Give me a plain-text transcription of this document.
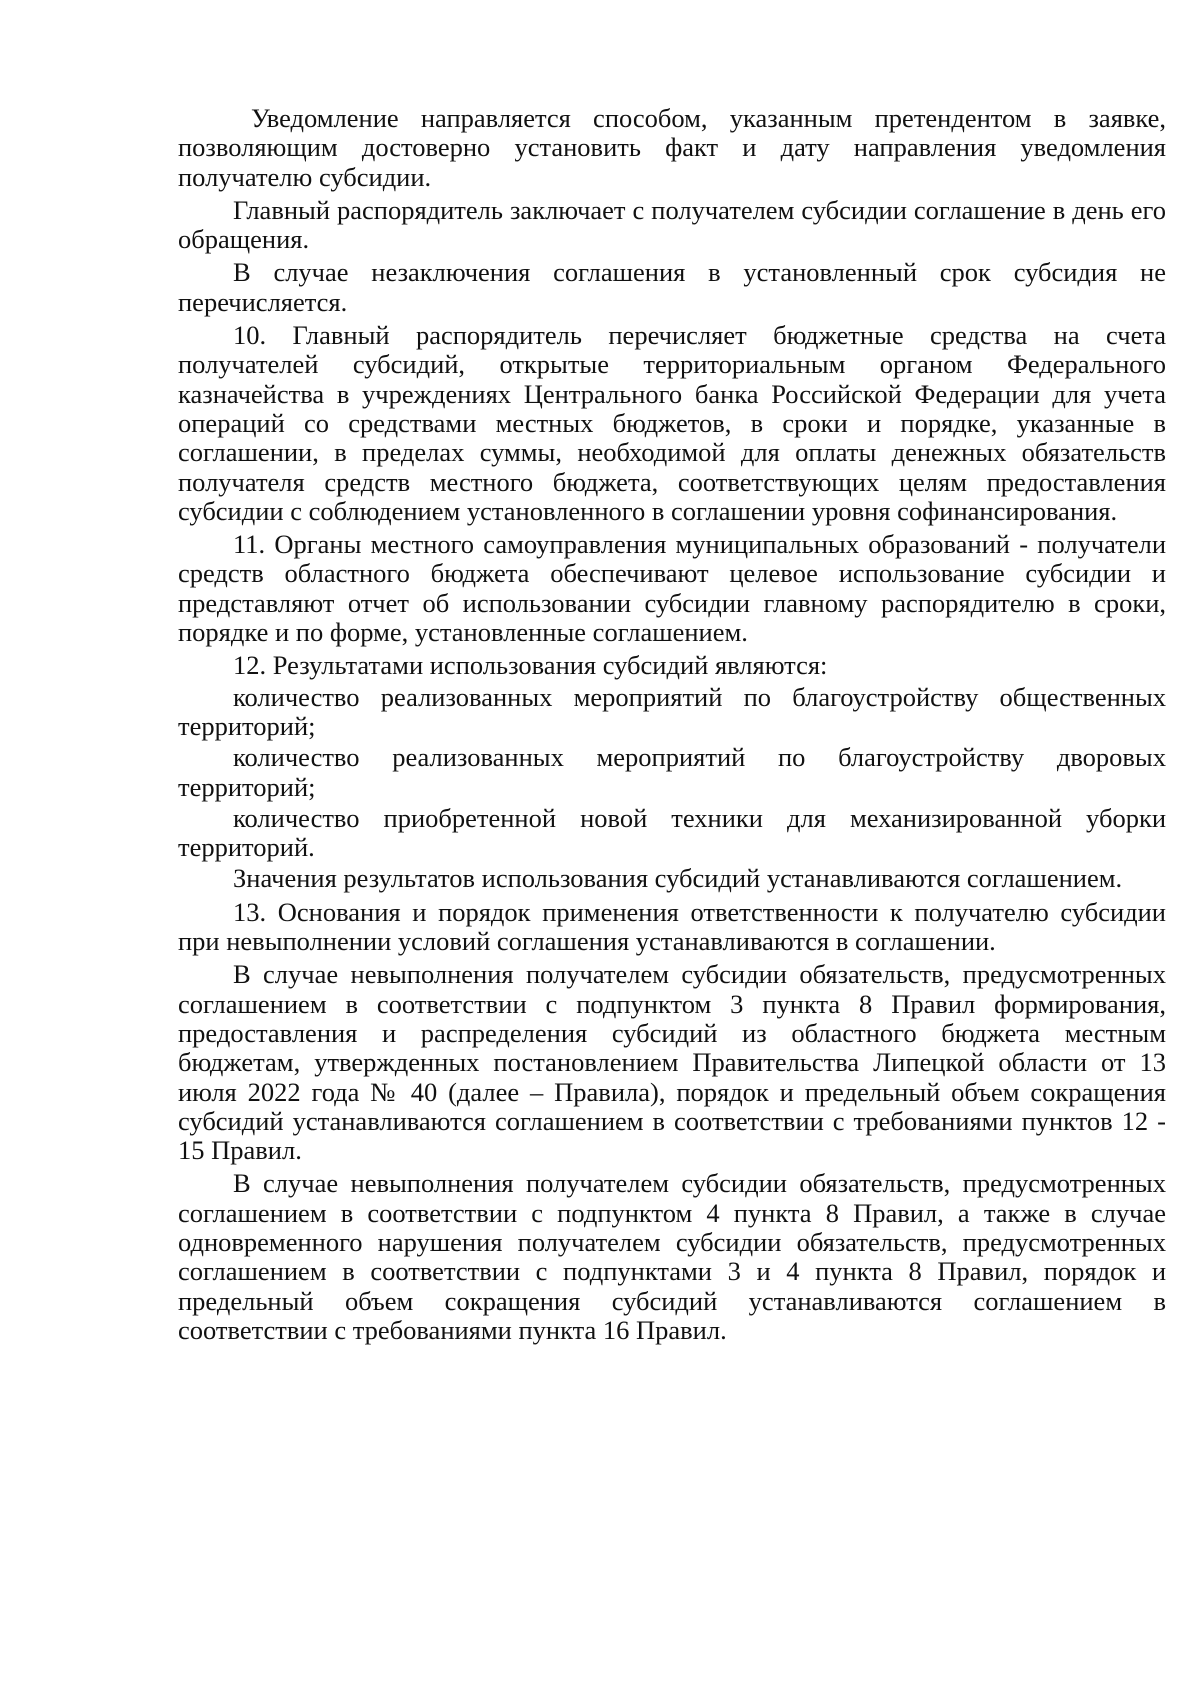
Уведомление направляется способом, указанным претендентом в заявке, позволяющим достоверно установить факт и дату направления уведомления получателю субсидии.

Главный распорядитель заключает с получателем субсидии соглашение в день его обращения.

В случае незаключения соглашения в установленный срок субсидия не перечисляется.

10. Главный распорядитель перечисляет бюджетные средства на счета получателей субсидий, открытые территориальным органом Федерального казначейства в учреждениях Центрального банка Российской Федерации для учета операций со средствами местных бюджетов, в сроки и порядке, указанные в соглашении, в пределах суммы, необходимой для оплаты денежных обязательств получателя средств местного бюджета, соответствующих целям предоставления субсидии с соблюдением установленного в соглашении уровня софинансирования.

11. Органы местного самоуправления муниципальных образований - получатели средств областного бюджета обеспечивают целевое использование субсидии и представляют отчет об использовании субсидии главному распорядителю в сроки, порядке и по форме, установленные соглашением.

12. Результатами использования субсидий являются:

количество реализованных мероприятий по благоустройству общественных территорий;

количество реализованных мероприятий по благоустройству дворовых территорий;

количество приобретенной новой техники для механизированной уборки территорий.

Значения результатов использования субсидий устанавливаются соглашением.

13. Основания и порядок применения ответственности к получателю субсидии при невыполнении условий соглашения устанавливаются в соглашении.

В случае невыполнения получателем субсидии обязательств, предусмотренных соглашением в соответствии с подпунктом 3 пункта 8 Правил формирования, предоставления и распределения субсидий из областного бюджета местным бюджетам, утвержденных постановлением Правительства Липецкой области от 13 июля 2022 года № 40 (далее – Правила), порядок и предельный объем сокращения субсидий устанавливаются соглашением в соответствии с требованиями пунктов 12 - 15 Правил.

В случае невыполнения получателем субсидии обязательств, предусмотренных соглашением в соответствии с подпунктом 4 пункта 8 Правил, а также в случае одновременного нарушения получателем субсидии обязательств, предусмотренных соглашением в соответствии с подпунктами 3 и 4 пункта 8 Правил, порядок и предельный объем сокращения субсидий устанавливаются соглашением в соответствии с требованиями пункта 16 Правил.
